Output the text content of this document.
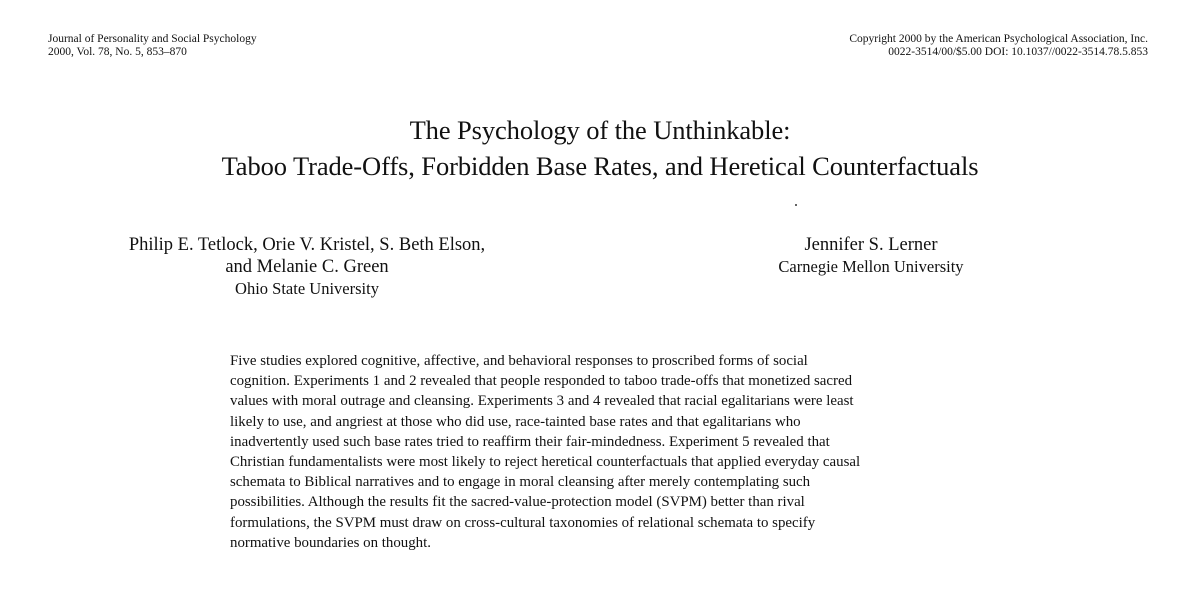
Journal of Personality and Social Psychology
2000, Vol. 78, No. 5, 853–870
Copyright 2000 by the American Psychological Association, Inc.
0022-3514/00/$5.00 DOI: 10.1037//0022-3514.78.5.853
The Psychology of the Unthinkable:
Taboo Trade-Offs, Forbidden Base Rates, and Heretical Counterfactuals
Philip E. Tetlock, Orie V. Kristel, S. Beth Elson,
and Melanie C. Green
Ohio State University
Jennifer S. Lerner
Carnegie Mellon University
Five studies explored cognitive, affective, and behavioral responses to proscribed forms of social
cognition. Experiments 1 and 2 revealed that people responded to taboo trade-offs that monetized sacred
values with moral outrage and cleansing. Experiments 3 and 4 revealed that racial egalitarians were least
likely to use, and angriest at those who did use, race-tainted base rates and that egalitarians who
inadvertently used such base rates tried to reaffirm their fair-mindedness. Experiment 5 revealed that
Christian fundamentalists were most likely to reject heretical counterfactuals that applied everyday causal
schemata to Biblical narratives and to engage in moral cleansing after merely contemplating such
possibilities. Although the results fit the sacred-value-protection model (SVPM) better than rival
formulations, the SVPM must draw on cross-cultural taxonomies of relational schemata to specify
normative boundaries on thought.
